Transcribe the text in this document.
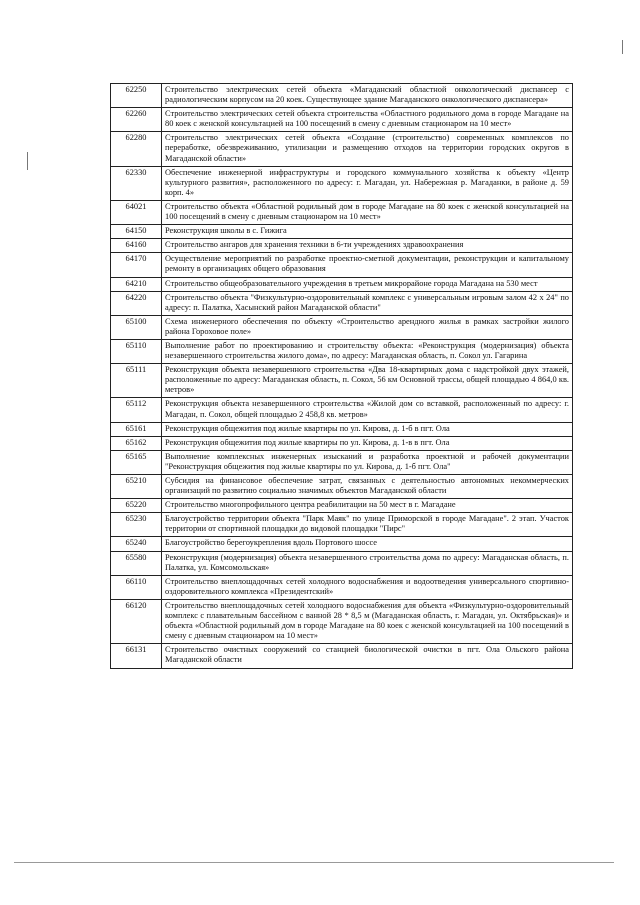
62250	Строительство электрических сетей объекта «Магаданский областной онкологический диспансер с радиологическим корпусом на 20 коек. Существующее здание Магаданского онкологического диспансера»
62260	Строительство электрических сетей объекта строительства «Областного родильного дома в городе Магадане на 80 коек с женской консультацией на 100 посещений в смену с дневным стационаром на 10 мест»
62280	Строительство электрических сетей объекта «Создание (строительство) современных комплексов по переработке, обезвреживанию, утилизации и размещению отходов на территории городских округов в Магаданской области»
62330	Обеспечение инженерной инфраструктуры и городского коммунального хозяйства к объекту «Центр культурного развития», расположенного по адресу: г. Магадан, ул. Набережная р. Магаданки, в районе д. 59 корп. 4»
64021	Строительство объекта «Областной родильный дом в городе Магадане на 80 коек с женской консультацией на 100 посещений в смену с дневным стационаром на 10 мест»
64150	Реконструкция школы в с. Гижига
64160	Строительство ангаров для хранения техники в 6-ти учреждениях здравоохранения
64170	Осуществление мероприятий по разработке проектно-сметной документации, реконструкции и капитальному ремонту в организациях общего образования
64210	Строительство общеобразовательного учреждения в третьем микрорайоне города Магадана на 530 мест
64220	Строительство объекта "Физкультурно-оздоровительный комплекс с универсальным игровым залом 42 х 24" по адресу: п. Палатка, Хасынский район Магаданской области"
65100	Схема инженерного обеспечения по объекту «Строительство арендного жилья в рамках застройки жилого района Гороховое поле»
65110	Выполнение работ по проектированию и строительству объекта: «Реконструкция (модернизация) объекта незавершенного строительства жилого дома», по адресу: Магаданская область, п. Сокол ул. Гагарина
65111	Реконструкция объекта незавершенного строительства «Два 18-квартирных дома с надстройкой двух этажей, расположенные по адресу: Магаданская область, п. Сокол, 56 км Основной трассы, общей площадью 4 864,0 кв. метров»
65112	Реконструкция объекта незавершенного строительства «Жилой дом со вставкой, расположенный по адресу: г. Магадан, п. Сокол, общей площадью 2 458,8 кв. метров»
65161	Реконструкция общежития под жилые квартиры по ул. Кирова, д. 1-б в пгт. Ола
65162	Реконструкция общежития под жилые квартиры по ул. Кирова, д. 1-в в пгт. Ола
65165	Выполнение комплексных инженерных изысканий и разработка проектной и рабочей документации "Реконструкция общежития под жилые квартиры по ул. Кирова, д. 1-б пгт. Ола"
65210	Субсидия на финансовое обеспечение затрат, связанных с деятельностью автономных некоммерческих организаций по развитию социально значимых объектов Магаданской области
65220	Строительство многопрофильного центра реабилитации на 50 мест в г. Магадане
65230	Благоустройство территории объекта "Парк Маяк" по улице Приморской в городе Магадане". 2 этап. Участок территории от спортивной площадки до видовой площадки "Пирс"
65240	Благоустройство берегоукрепления вдоль Портового шоссе
65580	Реконструкция (модернизация) объекта незавершенного строительства дома по адресу: Магаданская область, п. Палатка, ул. Комсомольская»
66110	Строительство внеплощадочных сетей холодного водоснабжения и водоотведения универсального спортивно-оздоровительного комплекса «Президентский»
66120	Строительство внеплощадочных сетей холодного водоснабжения для объекта «Физкультурно-оздоровительный комплекс с плавательным бассейном с ванной 28 * 8,5 м (Магаданская область, г. Магадан, ул. Октябрьская)» и объекта «Областной родильный дом в городе Магадане на 80 коек с женской консультацией на 100 посещений в смену с дневным стационаром на 10 мест»
66131	Строительство очистных сооружений со станцией биологической очистки в пгт. Ола Ольского района Магаданской области
